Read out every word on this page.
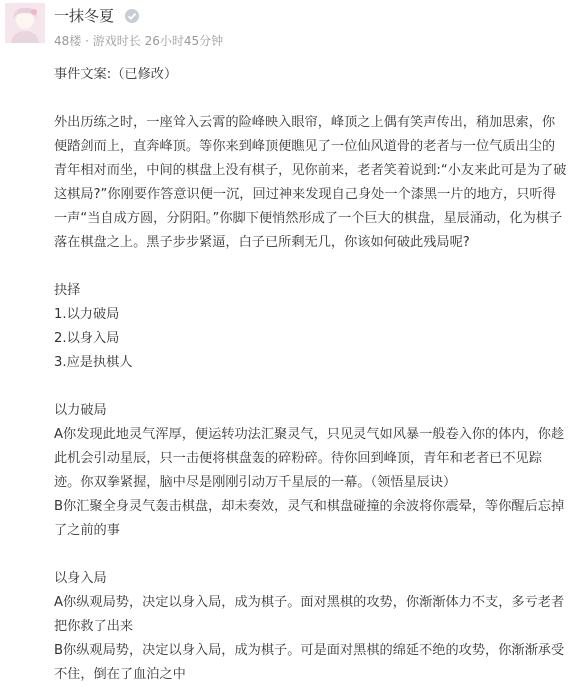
一抹冬夏
48楼 · 游戏时长 26小时45分钟

事件文案:（已修改）

外出历练之时，一座耸入云霄的险峰映入眼帘，峰顶之上偶有笑声传出，稍加思索，你便踏剑而上，直奔峰顶。等你来到峰顶便瞧见了一位仙风道骨的老者与一位气质出尘的青年相对而坐，中间的棋盘上没有棋子，见你前来，老者笑着说到:“小友来此可是为了破这棋局?”你刚要作答意识便一沉，回过神来发现自己身处一个漆黑一片的地方，只听得一声“当自成方圆，分阴阳。”你脚下便悄然形成了一个巨大的棋盘，星辰涌动，化为棋子落在棋盘之上。黑子步步紧逼，白子已所剩无几，你该如何破此残局呢?

抉择

1.以力破局

2.以身入局

3.应是执棋人

以力破局

A你发现此地灵气浑厚，便运转功法汇聚灵气，只见灵气如风暴一般卷入你的体内，你趁此机会引动星辰，只一击便将棋盘轰的碎粉碎。待你回到峰顶，青年和老者已不见踪迹。你双拳紧握，脑中尽是刚刚引动万千星辰的一幕。（领悟星辰诀）

B你汇聚全身灵气轰击棋盘，却未奏效，灵气和棋盘碰撞的余波将你震晕，等你醒后忘掉了之前的事

以身入局

A你纵观局势，决定以身入局，成为棋子。面对黑棋的攻势，你渐渐体力不支，多亏老者把你救了出来

B你纵观局势，决定以身入局，成为棋子。可是面对黑棋的绵延不绝的攻势，你渐渐承受不住，倒在了血泊之中
